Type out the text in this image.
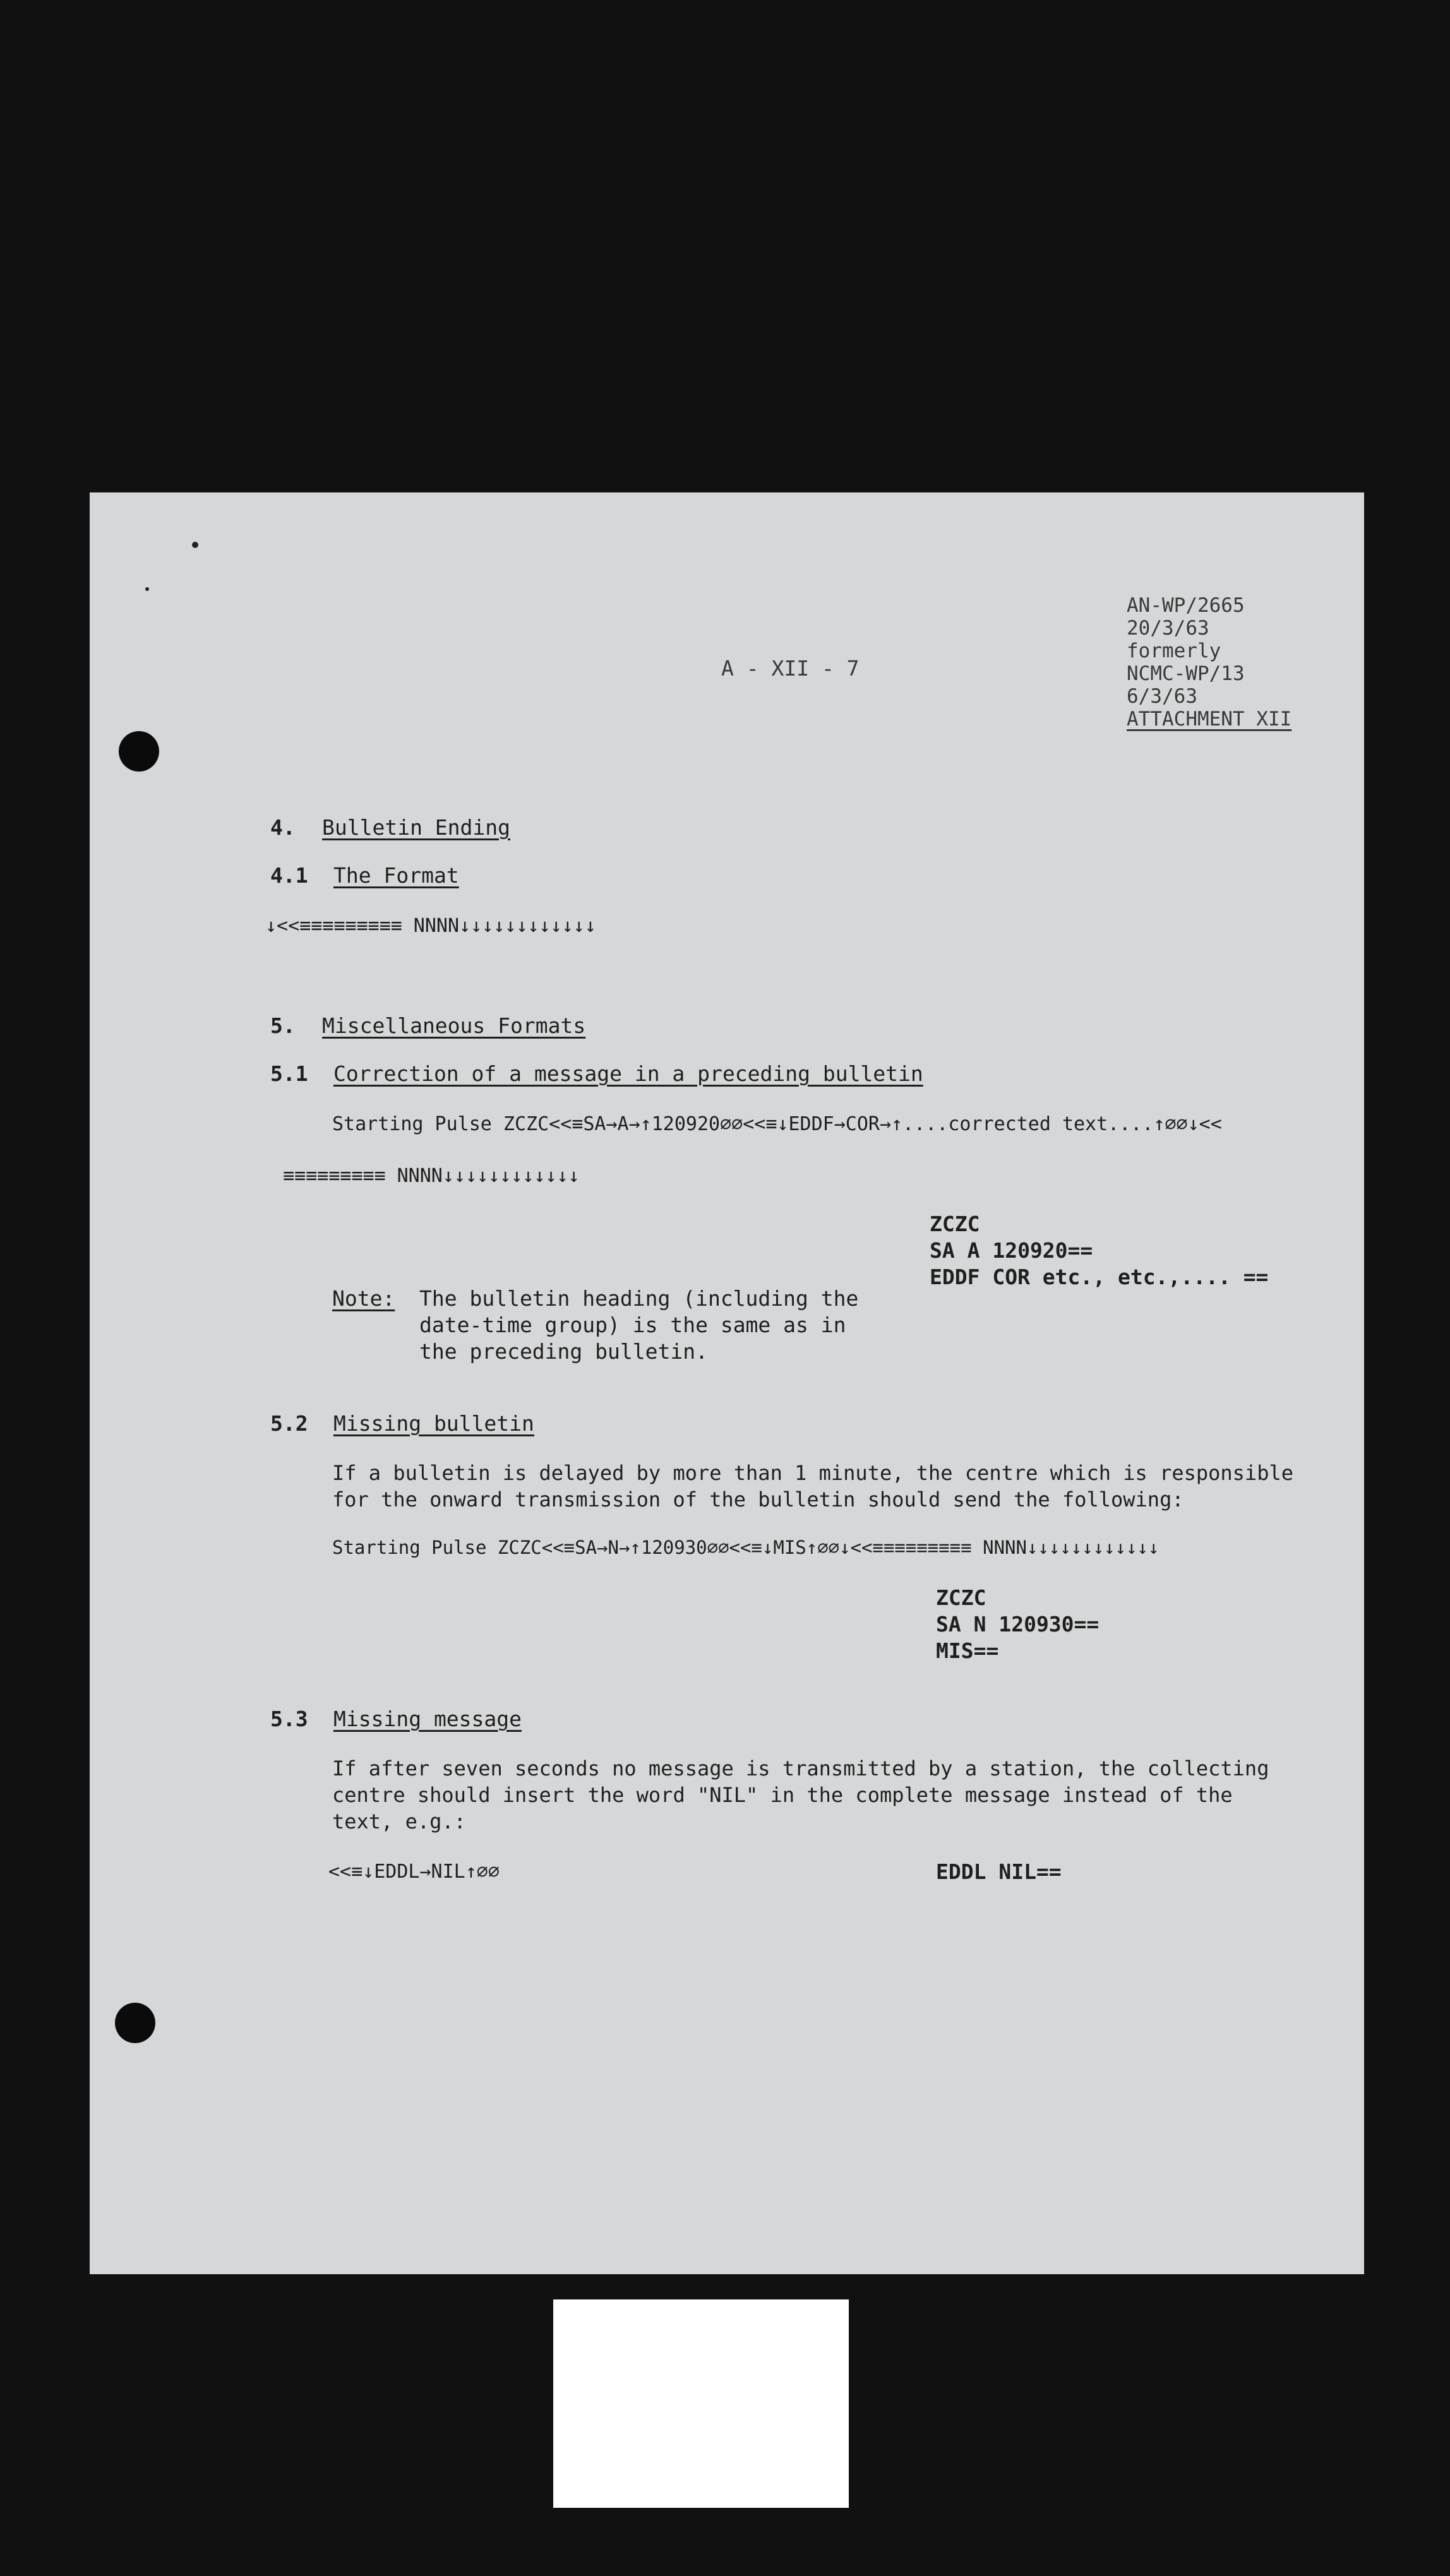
AN-WP/2665
20/3/63
formerly
NCMC-WP/13
6/3/63
ATTACHMENT XII
A - XII - 7
4. Bulletin Ending
4.1 The Format
↓<<≡≡≡≡≡≡≡≡≡ NNNN↓↓↓↓↓↓↓↓↓↓↓↓
5. Miscellaneous Formats
5.1 Correction of a message in a preceding bulletin
Starting Pulse ZCZC<<≡SA→A→↑120920∅∅<<≡↓EDDF→COR→↑....corrected text....↑∅∅↓<<
≡≡≡≡≡≡≡≡≡ NNNN↓↓↓↓↓↓↓↓↓↓↓↓
ZCZC
SA A 120920==
EDDF COR etc., etc.,.... ==
Note: The bulletin heading (including the
date-time group) is the same as in
the preceding bulletin.
5.2 Missing bulletin
If a bulletin is delayed by more than 1 minute, the centre which is responsible
for the onward transmission of the bulletin should send the following:
Starting Pulse ZCZC<<≡SA→N→↑120930∅∅<<≡↓MIS↑∅∅↓<<≡≡≡≡≡≡≡≡≡ NNNN↓↓↓↓↓↓↓↓↓↓↓↓
ZCZC
SA N 120930==
MIS==
5.3 Missing message
If after seven seconds no message is transmitted by a station, the collecting
centre should insert the word "NIL" in the complete message instead of the
text, e.g.:
<<≡↓EDDL→NIL↑∅∅	EDDL NIL==
